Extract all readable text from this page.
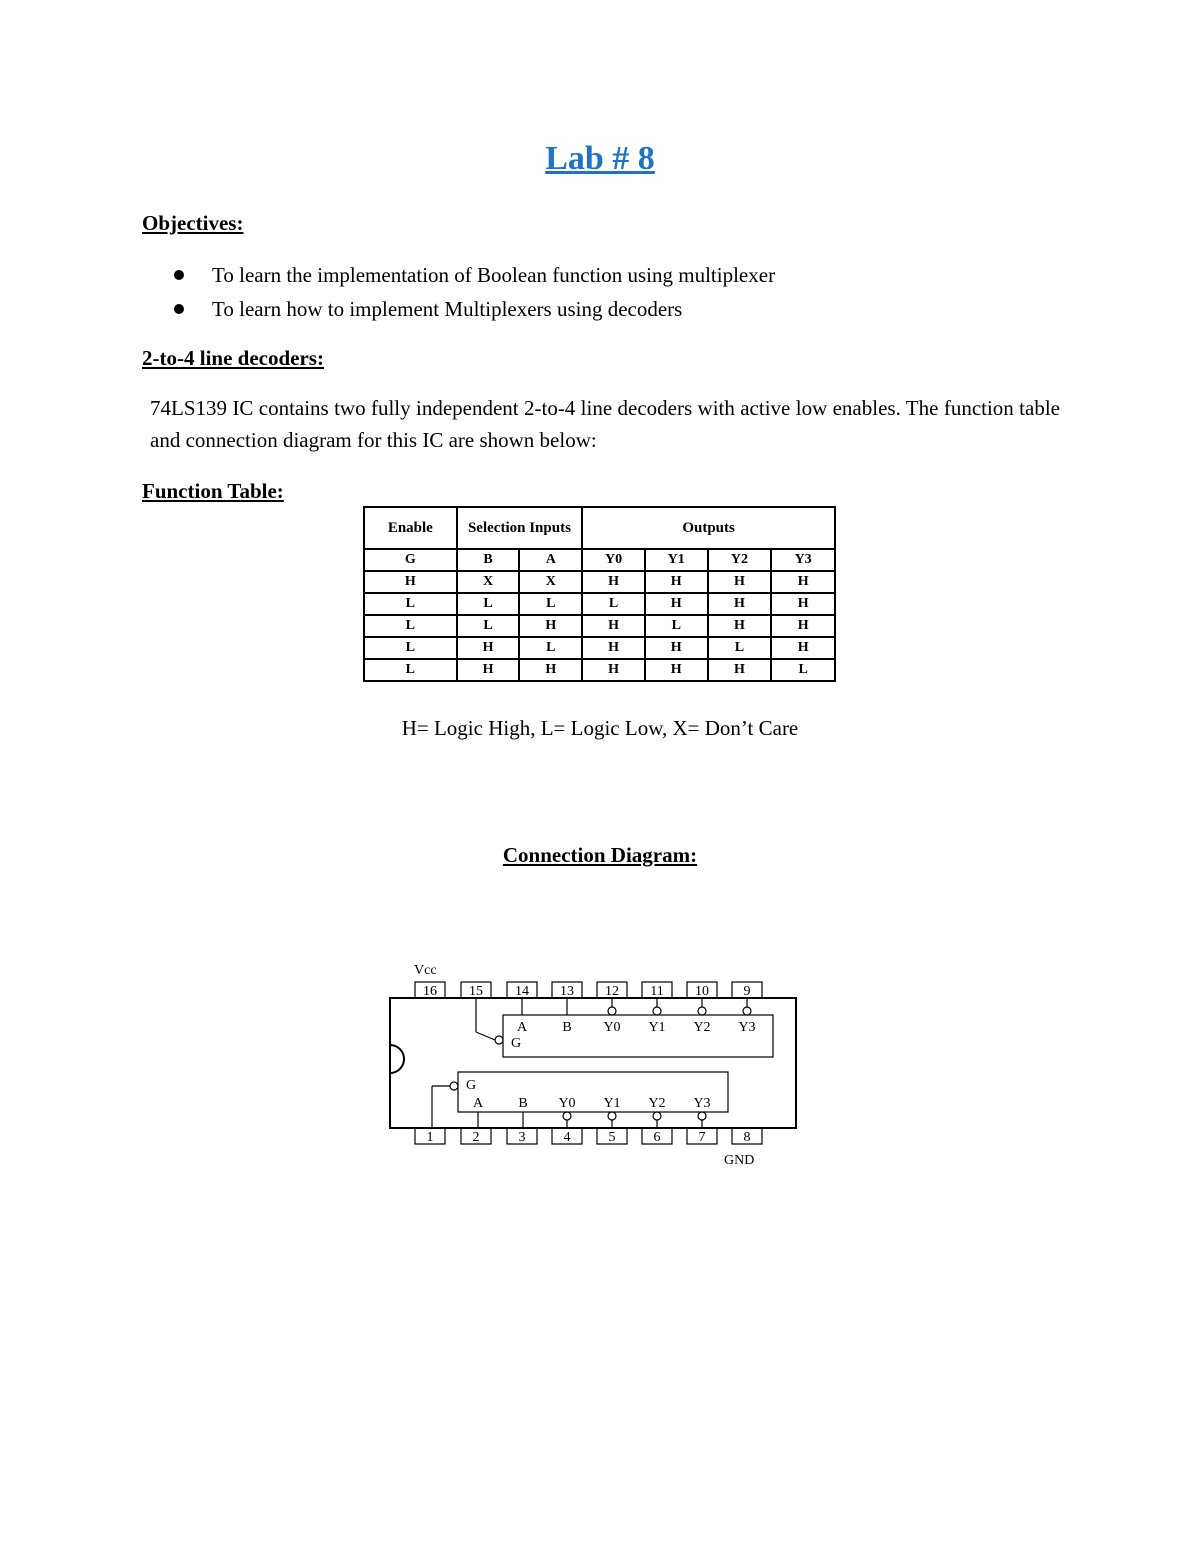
Lab # 8
Objectives:
To learn the implementation of Boolean function using multiplexer
To learn how to implement Multiplexers using decoders
2-to-4 line decoders:
74LS139 IC contains two fully independent 2-to-4 line decoders with active low enables. The function table and connection diagram for this IC are shown below:
Function Table:
Enable	Selection Inputs		Outputs			
G	B	A	Y0	Y1	Y2	Y3
H	X	X	H	H	H	H
L	L	L	L	H	H	H
L	L	H	H	L	H	H
L	H	L	H	H	L	H
L	H	H	H	H	H	L
H= Logic High, L= Logic Low, X= Don’t Care
Connection Diagram:
16 15 14 13 12 11 10 9
1	2	3	4	5	6	7	8
Vcc
GND
G
G
A	B Y0 Y1 Y2 Y3
A	B Y0 Y1 Y2 Y3
